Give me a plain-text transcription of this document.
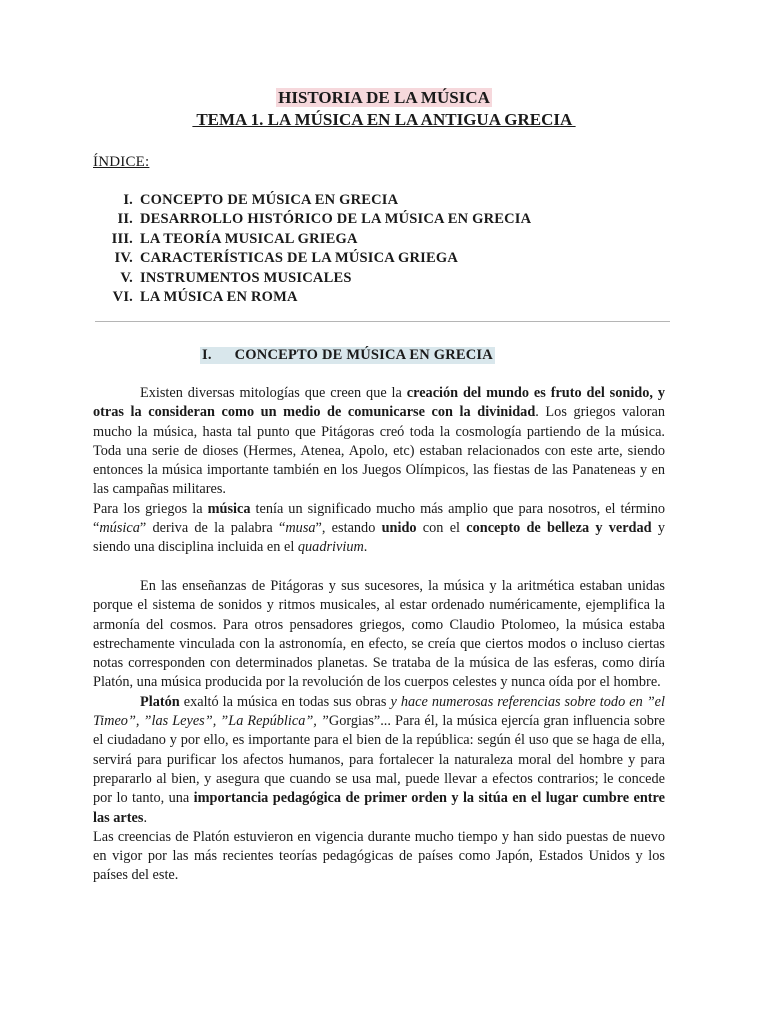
HISTORIA DE LA MÚSICA
TEMA 1. LA MÚSICA EN LA ANTIGUA GRECIA
ÍNDICE:
I. CONCEPTO DE MÚSICA EN GRECIA
II. DESARROLLO HISTÓRICO DE LA MÚSICA EN GRECIA
III. LA TEORÍA MUSICAL GRIEGA
IV. CARACTERÍSTICAS DE LA MÚSICA GRIEGA
V. INSTRUMENTOS MUSICALES
VI. LA MÚSICA EN ROMA
I.      CONCEPTO DE MÚSICA EN GRECIA

Existen diversas mitologías que creen que la creación del mundo es fruto del sonido, y otras la consideran como un medio de comunicarse con la divinidad. Los griegos valoran mucho la música, hasta tal punto que Pitágoras creó toda la cosmología partiendo de la música. Toda una serie de dioses (Hermes, Atenea, Apolo, etc) estaban relacionados con este arte, siendo entonces la música importante también en los Juegos Olímpicos, las fiestas de las Panateneas y en las campañas militares.

Para los griegos la música tenía un significado mucho más amplio que para nosotros, el término “música” deriva de la palabra “musa”, estando unido con el concepto de belleza y verdad y siendo una disciplina incluida en el quadrivium.

En las enseñanzas de Pitágoras y sus sucesores, la música y la aritmética estaban unidas porque el sistema de sonidos y ritmos musicales, al estar ordenado numéricamente, ejemplifica la armonía del cosmos. Para otros pensadores griegos, como Claudio Ptolomeo, la música estaba estrechamente vinculada con la astronomía, en efecto, se creía que ciertos modos o incluso ciertas notas corresponden con determinados planetas. Se trataba de la música de las esferas, como diría Platón, una música producida por la revolución de los cuerpos celestes y nunca oída por el hombre.

Platón exaltó la música en todas sus obras y hace numerosas referencias sobre todo en ”el Timeo”, ”las Leyes”, ”La República”, ”Gorgias”... Para él, la música ejercía gran influencia sobre el ciudadano y por ello, es importante para el bien de la república: según él uso que se haga de ella, servirá para purificar los afectos humanos, para fortalecer la naturaleza moral del hombre y para prepararlo al bien, y asegura que cuando se usa mal, puede llevar a efectos contrarios; le concede por lo tanto, una importancia pedagógica de primer orden y la sitúa en el lugar cumbre entre las artes.

Las creencias de Platón estuvieron en vigencia durante mucho tiempo y han sido puestas de nuevo en vigor por las más recientes teorías pedagógicas de países como Japón, Estados Unidos y los países del este.
